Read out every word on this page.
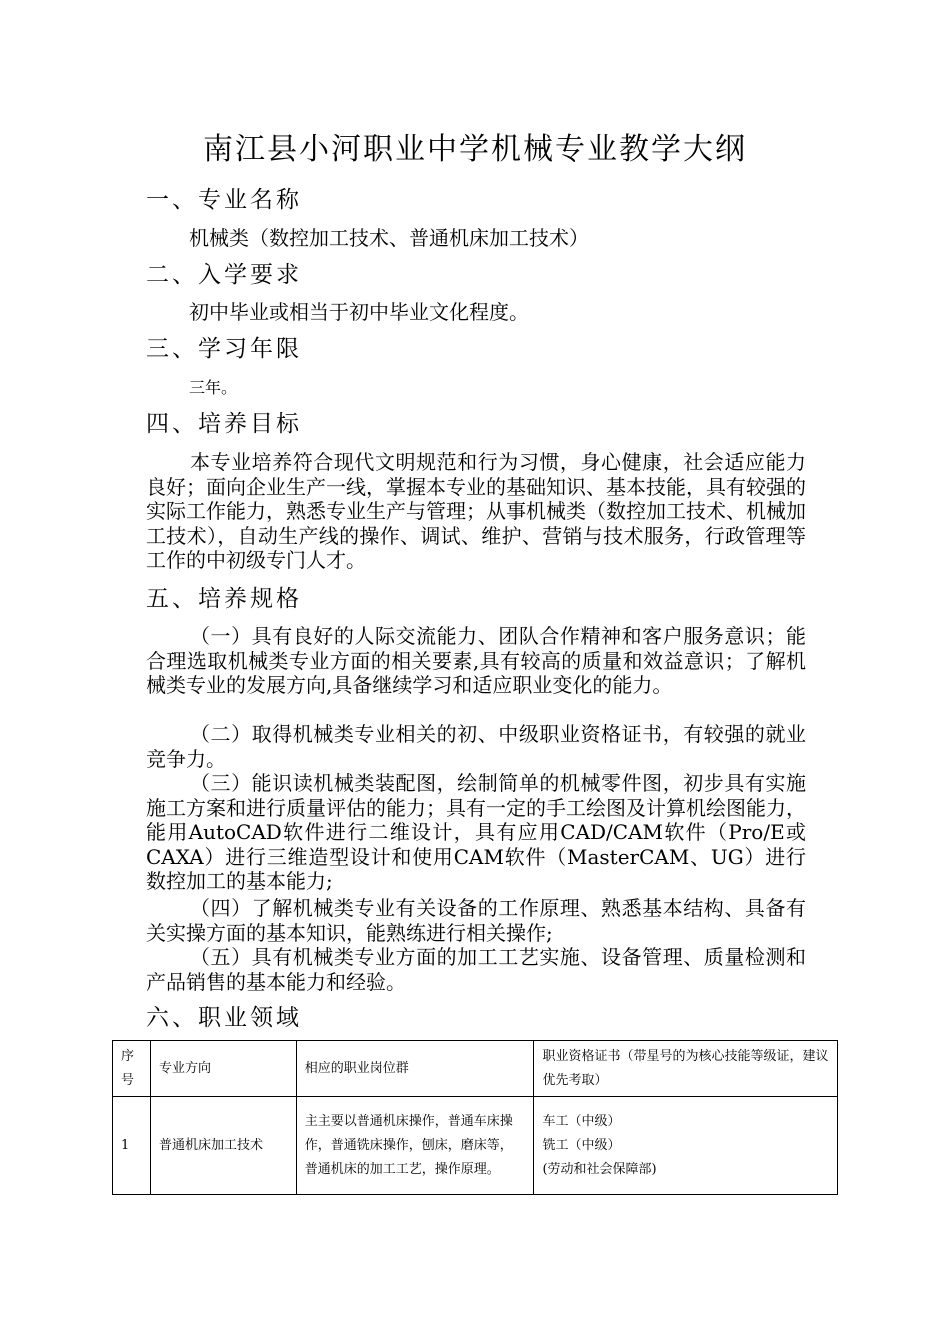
南江县小河职业中学机械专业教学大纲
一、专业名称
机械类（数控加工技术、普通机床加工技术）
二、入学要求
初中毕业或相当于初中毕业文化程度。
三、学习年限
三年。
四、培养目标
本专业培养符合现代文明规范和行为习惯，身心健康，社会适应能力良好；面向企业生产一线，掌握本专业的基础知识、基本技能，具有较强的实际工作能力，熟悉专业生产与管理；从事机械类（数控加工技术、机械加工技术），自动生产线的操作、调试、维护、营销与技术服务，行政管理等工作的中初级专门人才。
五、培养规格
（一）具有良好的人际交流能力、团队合作精神和客户服务意识；能合理选取机械类专业方面的相关要素,具有较高的质量和效益意识；了解机械类专业的发展方向,具备继续学习和适应职业变化的能力。
（二）取得机械类专业相关的初、中级职业资格证书，有较强的就业竞争力。
（三）能识读机械类装配图，绘制简单的机械零件图，初步具有实施施工方案和进行质量评估的能力；具有一定的手工绘图及计算机绘图能力，能用AutoCAD软件进行二维设计，具有应用CAD/CAM软件（Pro/E或CAXA）进行三维造型设计和使用CAM软件（MasterCAM、UG）进行数控加工的基本能力;
（四）了解机械类专业有关设备的工作原理、熟悉基本结构、具备有关实操方面的基本知识，能熟练进行相关操作;
（五）具有机械类专业方面的加工工艺实施、设备管理、质量检测和产品销售的基本能力和经验。
六、职业领域
序号	专业方向	相应的职业岗位群	职业资格证书（带星号的为核心技能等级证，建议优先考取）
1	普通机床加工技术	主主要以普通机床操作，普通车床操作，普通铣床操作，刨床，磨床等，普通机床的加工工艺，操作原理。	车工（中级）
铣工（中级）
(劳动和社会保障部)
